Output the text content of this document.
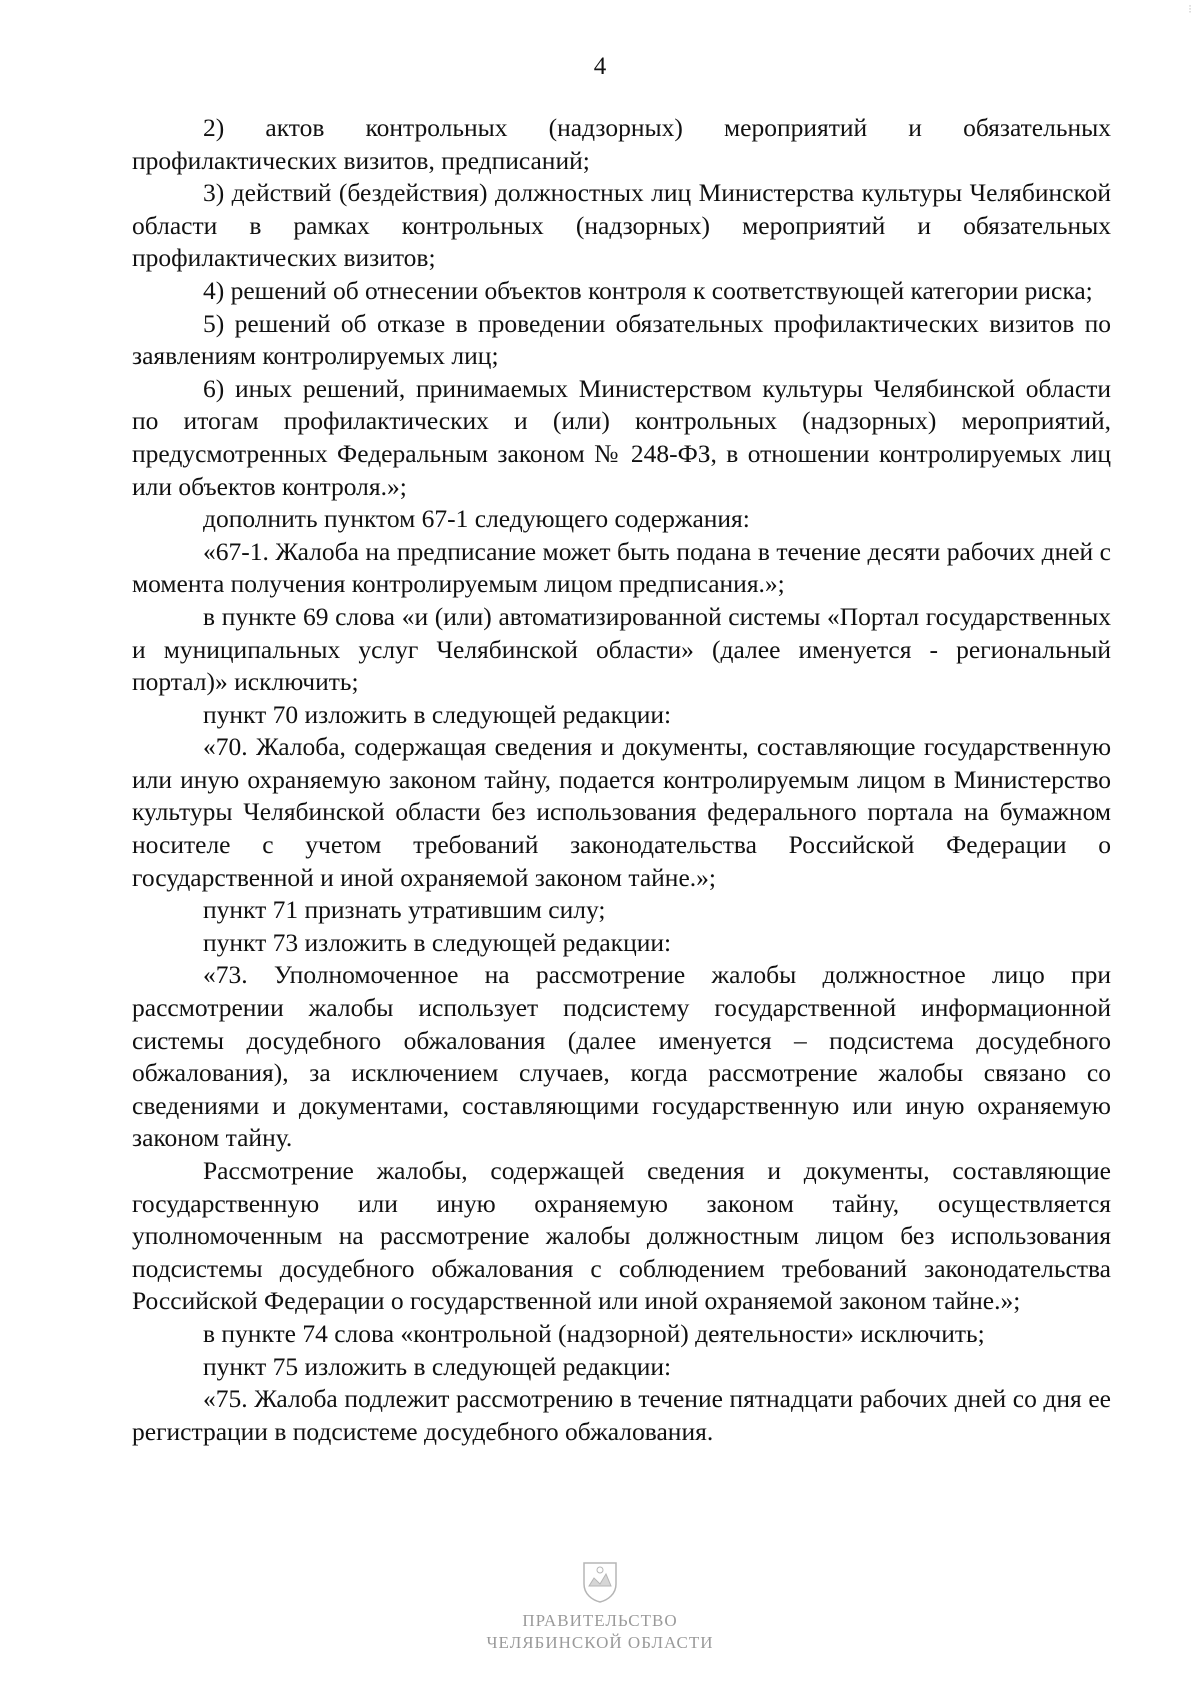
⁝
4

2) актов контрольных (надзорных) мероприятий и обязательных профилактических визитов, предписаний;

3) действий (бездействия) должностных лиц Министерства культуры Челябинской области в рамках контрольных (надзорных) мероприятий и обязательных профилактических визитов;

4) решений об отнесении объектов контроля к соответствующей категории риска;

5) решений об отказе в проведении обязательных профилактических визитов по заявлениям контролируемых лиц;

6) иных решений, принимаемых Министерством культуры Челябинской области по итогам профилактических и (или) контрольных (надзорных) мероприятий, предусмотренных Федеральным законом № 248-ФЗ, в отношении контролируемых лиц или объектов контроля.»;

дополнить пунктом 67-1 следующего содержания:

«67-1. Жалоба на предписание может быть подана в течение десяти рабочих дней с момента получения контролируемым лицом предписания.»;

в пункте 69 слова «и (или) автоматизированной системы «Портал государственных и муниципальных услуг Челябинской области» (далее именуется - региональный портал)» исключить;

пункт 70 изложить в следующей редакции:

«70. Жалоба, содержащая сведения и документы, составляющие государственную или иную охраняемую законом тайну, подается контролируемым лицом в Министерство культуры Челябинской области без использования федерального портала на бумажном носителе с учетом требований законодательства Российской Федерации о государственной и иной охраняемой законом тайне.»;

пункт 71 признать утратившим силу;

пункт 73 изложить в следующей редакции:

«73. Уполномоченное на рассмотрение жалобы должностное лицо при рассмотрении жалобы использует подсистему государственной информационной системы досудебного обжалования (далее именуется – подсистема досудебного обжалования), за исключением случаев, когда рассмотрение жалобы связано со сведениями и документами, составляющими государственную или иную охраняемую законом тайну.

Рассмотрение жалобы, содержащей сведения и документы, составляющие государственную или иную охраняемую законом тайну, осуществляется уполномоченным на рассмотрение жалобы должностным лицом без использования подсистемы досудебного обжалования с соблюдением требований законодательства Российской Федерации о государственной или иной охраняемой законом тайне.»;

в пункте 74 слова «контрольной (надзорной) деятельности» исключить;

пункт 75 изложить в следующей редакции:

«75. Жалоба подлежит рассмотрению в течение пятнадцати рабочих дней со дня ее регистрации в подсистеме досудебного обжалования.

ПРАВИТЕЛЬСТВО
ЧЕЛЯБИНСКОЙ ОБЛАСТИ
